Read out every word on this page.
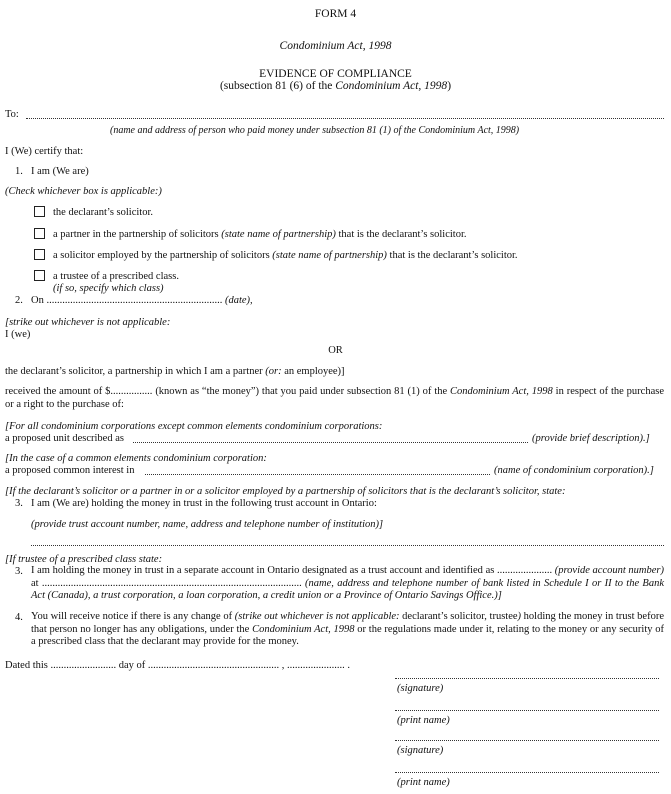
FORM 4
Condominium Act, 1998
EVIDENCE OF COMPLIANCE
(subsection 81 (6) of the Condominium Act, 1998)
To:
(name and address of person who paid money under subsection 81 (1) of the Condominium Act, 1998)
I (We) certify that:
1. I am (We are)
(Check whichever box is applicable:)
the declarant’s solicitor.
a partner in the partnership of solicitors (state name of partnership) that is the declarant’s solicitor.
a solicitor employed by the partnership of solicitors (state name of partnership) that is the declarant’s solicitor.
a trustee of a prescribed class.
(if so, specify which class)
2. On ................................................................... (date),
[strike out whichever is not applicable:
I (we)
OR
the declarant’s solicitor, a partnership in which I am a partner (or: an employee)]
received the amount of $................ (known as “the money”) that you paid under subsection 81 (1) of the Condominium Act, 1998 in respect of the purchase or a right to the purchase of:
[For all condominium corporations except common elements condominium corporations:
a proposed unit described as	(provide brief description).]
[In the case of a common elements condominium corporation:
a proposed common interest in	(name of condominium corporation).]
[If the declarant’s solicitor or a partner in or a solicitor employed by a partnership of solicitors that is the declarant’s solicitor, state:
3. I am (We are) holding the money in trust in the following trust account in Ontario:
(provide trust account number, name, address and telephone number of institution)]
[If trustee of a prescribed class state:
3. I am holding the money in trust in a separate account in Ontario designated as a trust account and identified as ..................... (provide account number) at ................................................................................................... (name, address and telephone number of bank listed in Schedule I or II to the Bank Act (Canada), a trust corporation, a loan corporation, a credit union or a Province of Ontario Savings Office.)]
4. You will receive notice if there is any change of (strike out whichever is not applicable: declarant’s solicitor, trustee) holding the money in trust before that person no longer has any obligations, under the Condominium Act, 1998 or the regulations made under it, relating to the money or any security of a prescribed class that the declarant may provide for the money.
Dated this ......................... day of .................................................. , ...................... .
(signature)
(print name)
(signature)
(print name)
